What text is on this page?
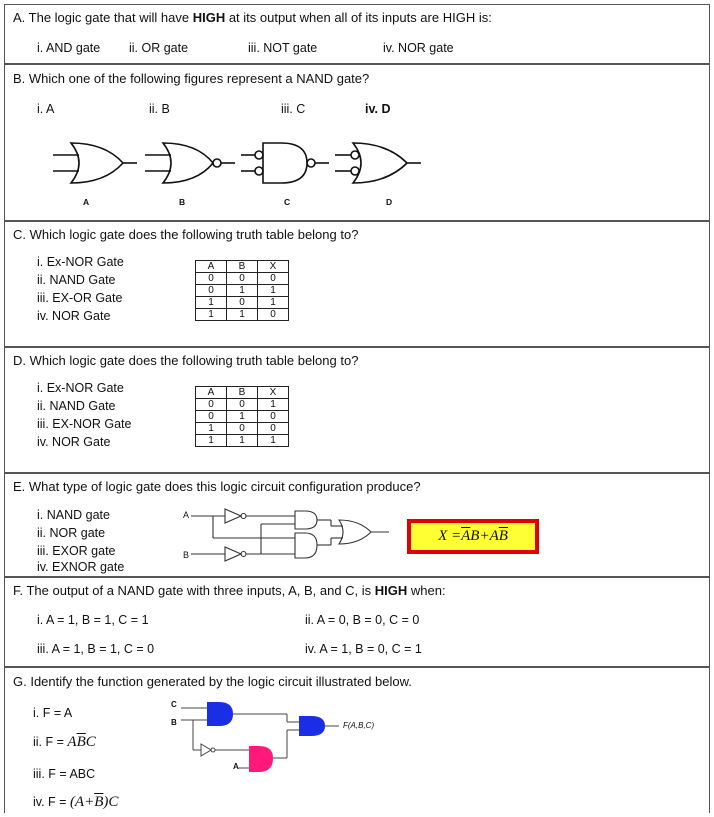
A. The logic gate that will have HIGH at its output when all of its inputs are HIGH is:
i. AND gate ii. OR gate	iii. NOT gate	iv. NOR gate
B. Which one of the following figures represent a NAND gate?
i. A	ii. B	iii. C	iv. D
A	B	C	D
C. Which logic gate does the following truth table belong to?
i. Ex-NOR Gate
ii. NAND Gate
iii. EX-OR Gate
iv. NOR Gate
A	B	X
0	0	0
0	1	1
1	0	1
1	1	0
D. Which logic gate does the following truth table belong to?
i. Ex-NOR Gate
ii. NAND Gate
iii. EX-NOR Gate
iv. NOR Gate
A	B	X
0	0	1
0	1	0
1	0	0
1	1	1
E. What type of logic gate does this logic circuit configuration produce?
i. NAND gate
ii. NOR gate
iii. EXOR gate
iv. EXNOR gate
A
B
$X = \overline{A}$ B + A $\overline{B}$
F. The output of a NAND gate with three inputs, A, B, and C, is HIGH when:
i. A = 1, B = 1, C = 1	ii. A = 0, B = 0, C = 0
iii. A = 1, B = 1, C = 0	iv. A = 1, B = 0, C = 1
G. Identify the function generated by the logic circuit illustrated below.
i. F = A
ii. $F = A\overline{B}C$
iii. F = ABC
iv. $F = (A+\overline{B})C$
C
B
A
F(A,B,C)
